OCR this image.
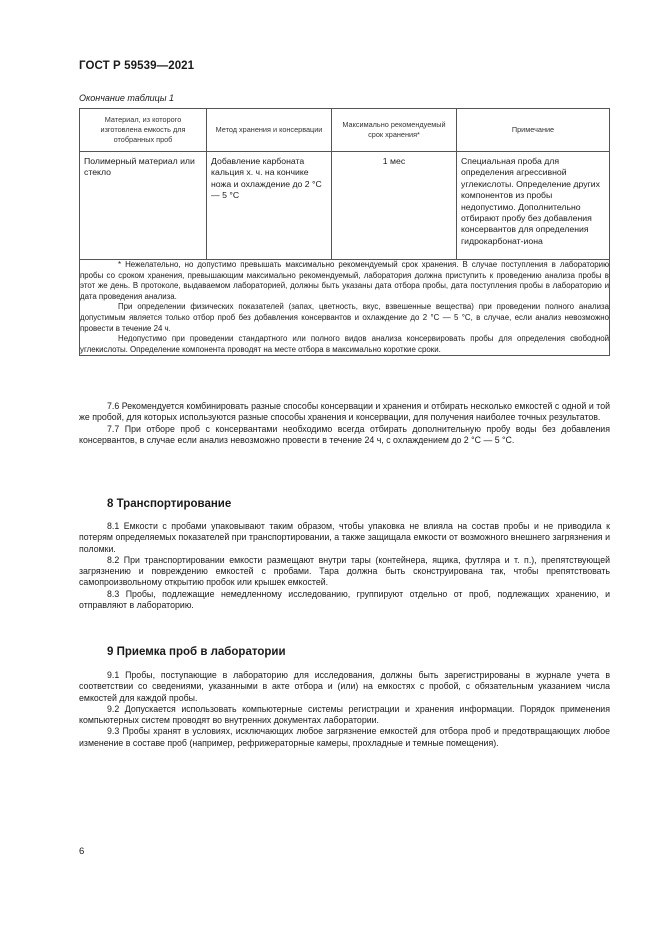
ГОСТ Р 59539—2021
Окончание таблицы 1
Материал, из которого изготовлена емкость для отобранных проб	Метод хранения и консервации	Максимально рекомендуемый срок хранения*	Примечание
Полимерный материал или стекло	Добавление карбоната кальция х. ч. на кончике ножа и охлаждение до 2 °С — 5 °С	1 мес	Специальная проба для определения агрессивной углекислоты. Определение других компонентов из пробы недопустимо. Дополнительно отбирают пробу без добавления консервантов для определения гидрокарбонат-иона

* Нежелательно, но допустимо превышать максимально рекомендуемый срок хранения. В случае поступления в лабораторию пробы со сроком хранения, превышающим максимально рекомендуемый, лаборатория должна приступить к проведению анализа пробы в этот же день. В протоколе, выдаваемом лабораторией, должны быть указаны дата отбора пробы, дата поступления пробы в лабораторию и дата проведения анализа.

При определении физических показателей (запах, цветность, вкус, взвешенные вещества) при проведении полного анализа допустимым является только отбор проб без добавления консервантов и охлаждение до 2 °С — 5 °С, в случае, если анализ невозможно провести в течение 24 ч.

Недопустимо при проведении стандартного или полного видов анализа консервировать пробы для определения свободной углекислоты. Определение компонента проводят на месте отбора в максимально короткие сроки.			

7.6 Рекомендуется комбинировать разные способы консервации и хранения и отбирать несколько емкостей с одной и той же пробой, для которых используются разные способы хранения и консервации, для получения наиболее точных результатов.

7.7 При отборе проб с консервантами необходимо всегда отбирать дополнительную пробу воды без добавления консервантов, в случае если анализ невозможно провести в течение 24 ч, с охлаждением до 2 °С — 5 °С.

8 Транспортирование

8.1 Емкости с пробами упаковывают таким образом, чтобы упаковка не влияла на состав пробы и не приводила к потерям определяемых показателей при транспортировании, а также защищала емкости от возможного внешнего загрязнения и поломки.

8.2 При транспортировании емкости размещают внутри тары (контейнера, ящика, футляра и т. п.), препятствующей загрязнению и повреждению емкостей с пробами. Тара должна быть сконструирована так, чтобы препятствовать самопроизвольному открытию пробок или крышек емкостей.

8.3 Пробы, подлежащие немедленному исследованию, группируют отдельно от проб, подлежащих хранению, и отправляют в лабораторию.

9 Приемка проб в лаборатории

9.1 Пробы, поступающие в лабораторию для исследования, должны быть зарегистрированы в журнале учета в соответствии со сведениями, указанными в акте отбора и (или) на емкостях с пробой, с обязательным указанием числа емкостей для каждой пробы.

9.2 Допускается использовать компьютерные системы регистрации и хранения информации. Порядок применения компьютерных систем проводят во внутренних документах лаборатории.

9.3 Пробы хранят в условиях, исключающих любое загрязнение емкостей для отбора проб и предотвращающих любое изменение в составе проб (например, рефрижераторные камеры, прохладные и темные помещения).

6
